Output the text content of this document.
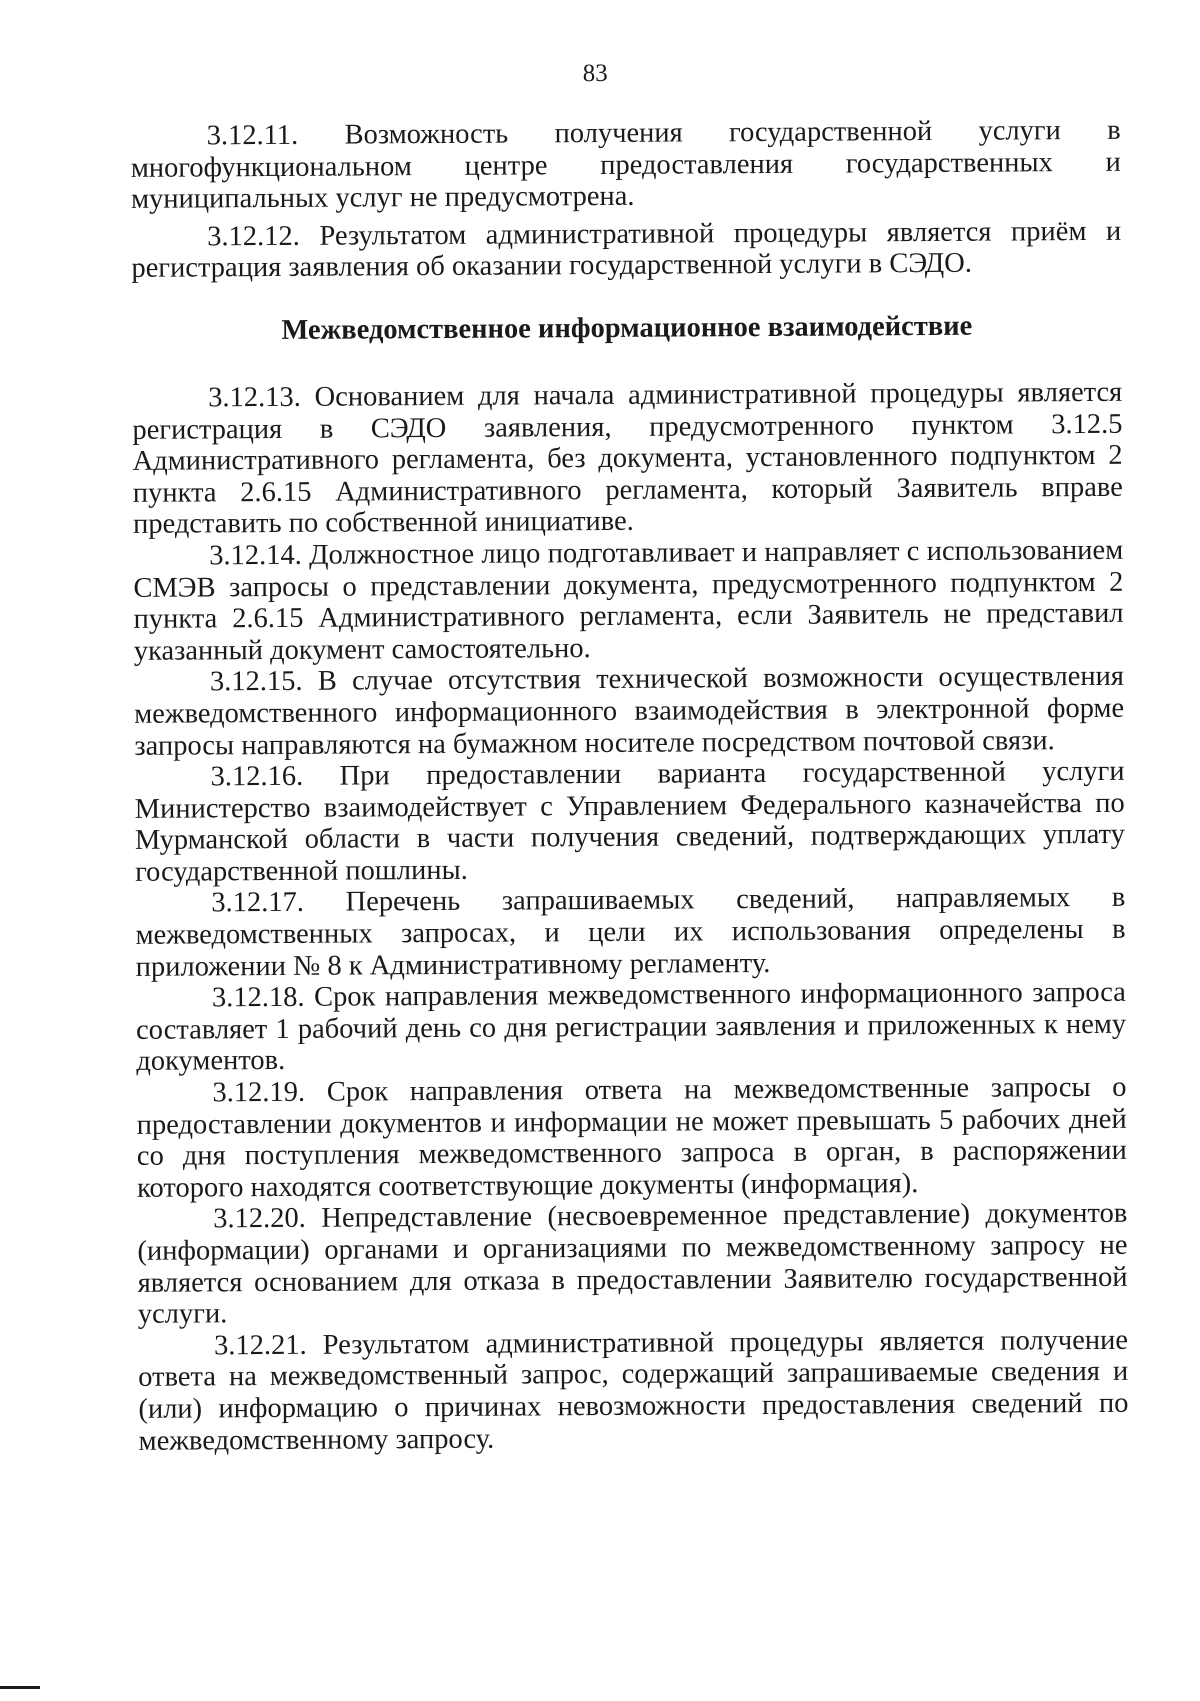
83

3.12.11. Возможность получения государственной услуги в многофункциональном центре предоставления государственных и муниципальных услуг не предусмотрена.

3.12.12. Результатом административной процедуры является приём и регистрация заявления об оказании государственной услуги в СЭДО.

Межведомственное информационное взаимодействие

3.12.13. Основанием для начала административной процедуры является регистрация в СЭДО заявления, предусмотренного пунктом 3.12.5 Административного регламента, без документа, установленного подпунктом 2 пункта 2.6.15 Административного регламента, который Заявитель вправе представить по собственной инициативе.

3.12.14. Должностное лицо подготавливает и направляет с использованием СМЭВ запросы о представлении документа, предусмотренного подпунктом 2 пункта 2.6.15 Административного регламента, если Заявитель не представил указанный документ самостоятельно.

3.12.15. В случае отсутствия технической возможности осуществления межведомственного информационного взаимодействия в электронной форме запросы направляются на бумажном носителе посредством почтовой связи.

3.12.16. При предоставлении варианта государственной услуги Министерство взаимодействует с Управлением Федерального казначейства по Мурманской области в части получения сведений, подтверждающих уплату государственной пошлины.

3.12.17. Перечень запрашиваемых сведений, направляемых в межведомственных запросах, и цели их использования определены в приложении № 8 к Административному регламенту.

3.12.18. Срок направления межведомственного информационного запроса составляет 1 рабочий день со дня регистрации заявления и приложенных к нему документов.

3.12.19. Срок направления ответа на межведомственные запросы о предоставлении документов и информации не может превышать 5 рабочих дней со дня поступления межведомственного запроса в орган, в распоряжении которого находятся соответствующие документы (информация).

3.12.20. Непредставление (несвоевременное представление) документов (информации) органами и организациями по межведомственному запросу не является основанием для отказа в предоставлении Заявителю государственной услуги.

3.12.21. Результатом административной процедуры является получение ответа на межведомственный запрос, содержащий запрашиваемые сведения и (или) информацию о причинах невозможности предоставления сведений по межведомственному запросу.
